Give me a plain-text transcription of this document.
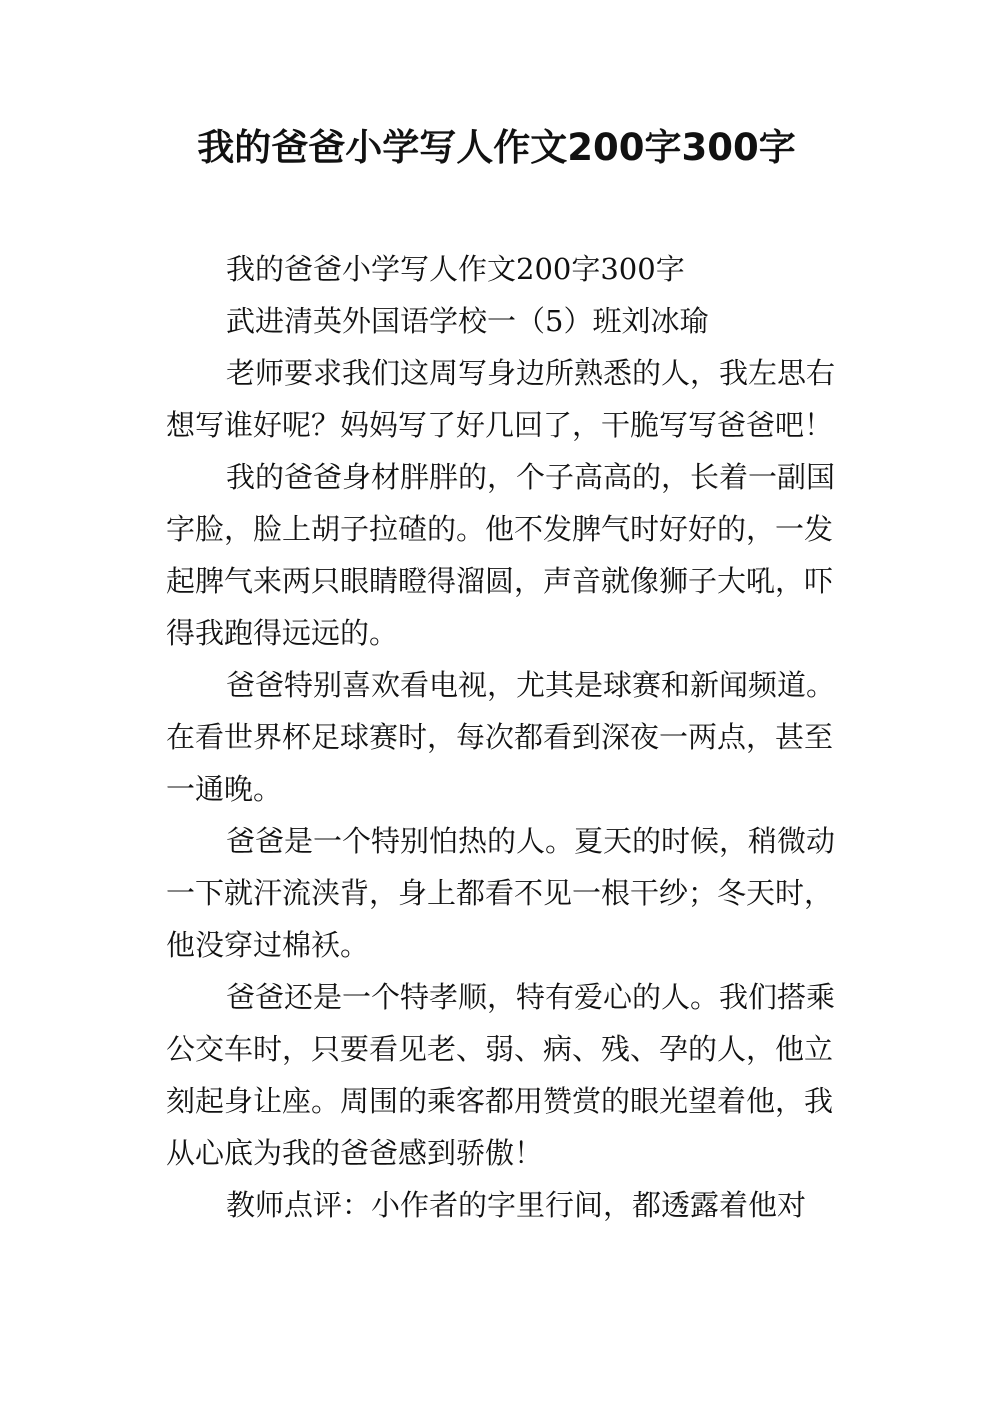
我的爸爸小学写人作文200字300字

我的爸爸小学写人作文200字300字

武进清英外国语学校一（5）班刘冰瑜

老师要求我们这周写身边所熟悉的人，我左思右想写谁好呢？妈妈写了好几回了，干脆写写爸爸吧！

我的爸爸身材胖胖的，个子高高的，长着一副国字脸，脸上胡子拉碴的。他不发脾气时好好的，一发起脾气来两只眼睛瞪得溜圆，声音就像狮子大吼，吓得我跑得远远的。

爸爸特别喜欢看电视，尤其是球赛和新闻频道。在看世界杯足球赛时，每次都看到深夜一两点，甚至一通晚。

爸爸是一个特别怕热的人。夏天的时候，稍微动一下就汗流浃背，身上都看不见一根干纱；冬天时，他没穿过棉袄。

爸爸还是一个特孝顺，特有爱心的人。我们搭乘公交车时，只要看见老、弱、病、残、孕的人，他立刻起身让座。周围的乘客都用赞赏的眼光望着他，我从心底为我的爸爸感到骄傲！

教师点评：小作者的字里行间，都透露着他对
